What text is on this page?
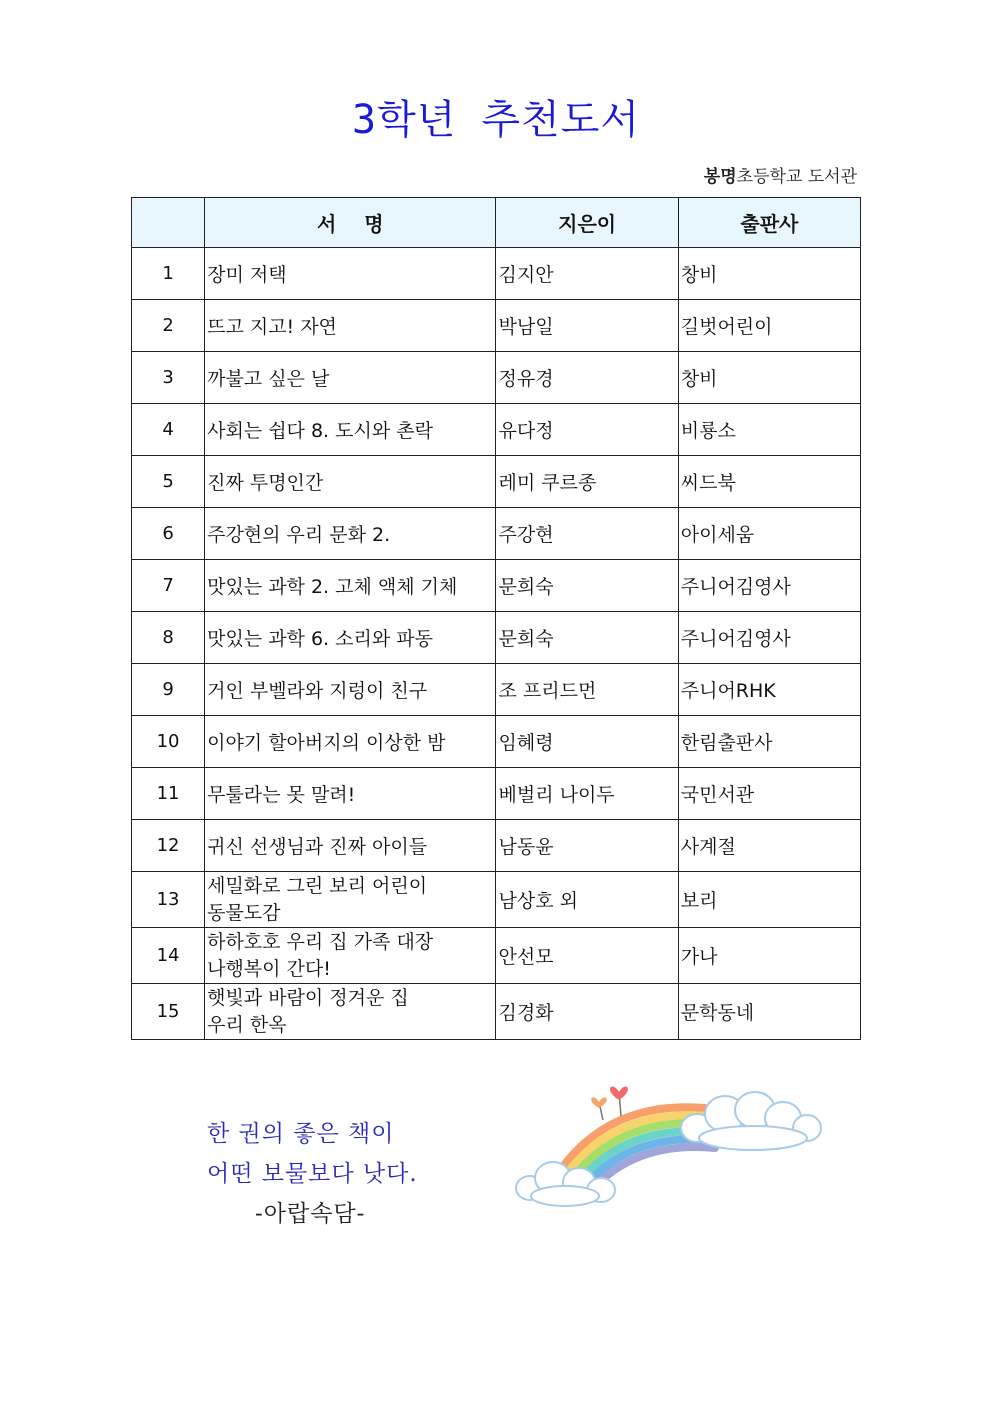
3학년 추천도서
봉명초등학교 도서관
	서    명	지은이	출판사
1	장미 저택	김지안	창비
2	뜨고 지고! 자연	박남일	길벗어린이
3	까불고 싶은 날	정유경	창비
4	사회는 쉽다 8. 도시와 촌락	유다정	비룡소
5	진짜 투명인간	레미 쿠르종	씨드북
6	주강현의 우리 문화 2.	주강현	아이세움
7	맛있는 과학 2. 고체 액체 기체	문희숙	주니어김영사
8	맛있는 과학 6. 소리와 파동	문희숙	주니어김영사
9	거인 부벨라와 지렁이 친구	조 프리드먼	주니어RHK
10	이야기 할아버지의 이상한 밤	임혜령	한림출판사
11	무툴라는 못 말려!	베벌리 나이두	국민서관
12	귀신 선생님과 진짜 아이들	남동윤	사계절
13	세밀화로 그린 보리 어린이
동물도감	남상호 외	보리
14	하하호호 우리 집 가족 대장
나행복이 간다!	안선모	가나
15	햇빛과 바람이 정겨운 집
우리 한옥	김경화	문학동네
한 권의 좋은 책이
어떤 보물보다 낫다.
-아랍속담-
